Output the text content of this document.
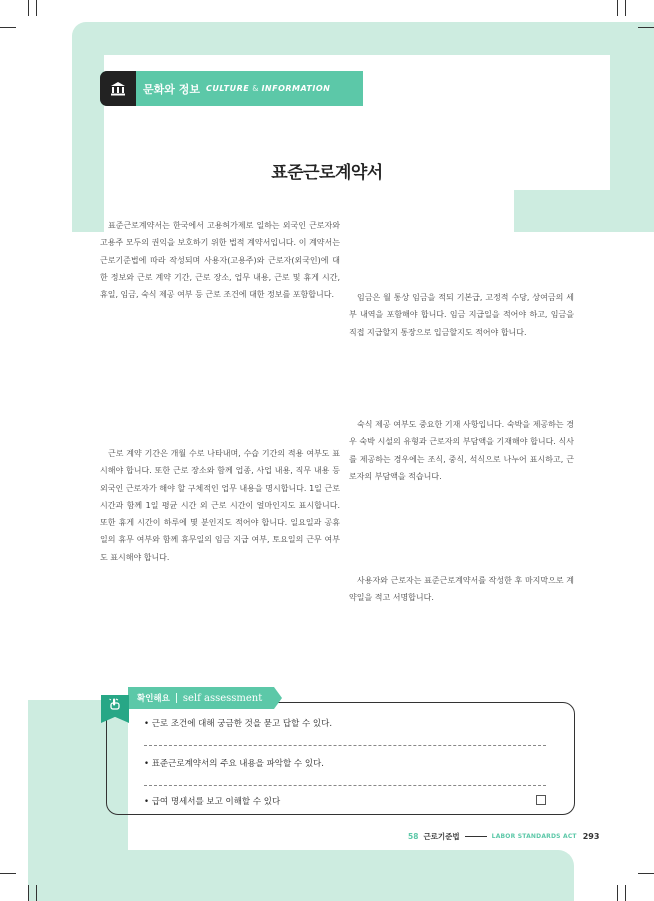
문화와 정보 CULTURE & INFORMATION
표준근로계약서

표준근로계약서는 한국에서 고용허가제로 일하는 외국인 근로자와 고용주 모두의 권익을 보호하기 위한 법적 계약서입니다. 이 계약서는 근로기준법에 따라 작성되며 사용자(고용주)와 근로자(외국인)에 대한 정보와 근로 계약 기간, 근로 장소, 업무 내용, 근로 및 휴게 시간, 휴일, 임금, 숙식 제공 여부 등 근로 조건에 대한 정보를 포함합니다.

근로 계약 기간은 개월 수로 나타내며, 수습 기간의 적용 여부도 표시해야 합니다. 또한 근로 장소와 함께 업종, 사업 내용, 직무 내용 등 외국인 근로자가 해야 할 구체적인 업무 내용을 명시합니다. 1일 근로 시간과 함께 1일 평균 시간 외 근로 시간이 얼마인지도 표시합니다. 또한 휴게 시간이 하루에 몇 분인지도 적어야 합니다. 일요일과 공휴일의 휴무 여부와 함께 휴무일의 임금 지급 여부, 토요일의 근무 여부도 표시해야 합니다.

임금은 월 통상 임금을 적되 기본급, 고정적 수당, 상여금의 세부 내역을 포함해야 합니다. 임금 지급일을 적어야 하고, 임금을 직접 지급할지 통장으로 입금할지도 적어야 합니다.

숙식 제공 여부도 중요한 기재 사항입니다. 숙박을 제공하는 경우 숙박 시설의 유형과 근로자의 부담액을 기재해야 합니다. 식사를 제공하는 경우에는 조식, 중식, 석식으로 나누어 표시하고, 근로자의 부담액을 적습니다.

사용자와 근로자는 표준근로계약서를 작성한 후 마지막으로 계약일을 적고 서명합니다.

확인해요 self assessment
• 근로 조건에 대해 궁금한 것을 묻고 답할 수 있다.
• 표준근로계약서의 주요 내용을 파악할 수 있다.
• 급여 명세서를 보고 이해할 수 있다
58 근로기준법	LABOR STANDARDS ACT 293
